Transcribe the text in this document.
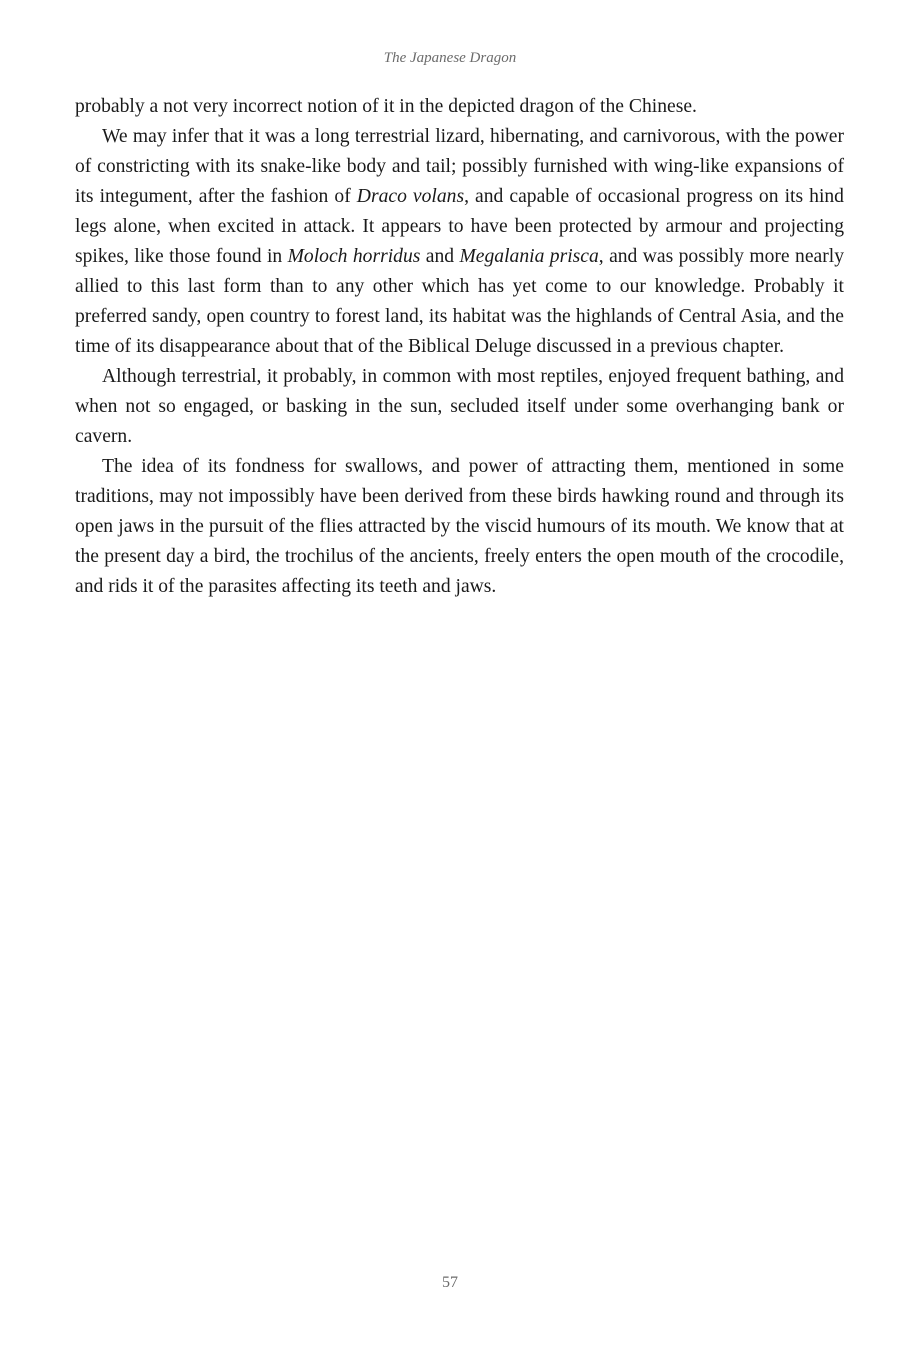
The Japanese Dragon

probably a not very incorrect notion of it in the depicted dragon of the Chinese.

We may infer that it was a long terrestrial lizard, hibernating, and carnivorous, with the power of constricting with its snake-like body and tail; possibly furnished with wing-like expansions of its integument, after the fashion of Draco volans, and capable of occasional progress on its hind legs alone, when excited in attack. It appears to have been protected by armour and projecting spikes, like those found in Moloch horridus and Megalania prisca, and was possibly more nearly allied to this last form than to any other which has yet come to our knowledge. Probably it preferred sandy, open country to forest land, its habitat was the highlands of Central Asia, and the time of its disappearance about that of the Biblical Deluge discussed in a previous chapter.

Although terrestrial, it probably, in common with most reptiles, enjoyed frequent bathing, and when not so engaged, or basking in the sun, secluded itself under some overhanging bank or cavern.

The idea of its fondness for swallows, and power of attracting them, mentioned in some traditions, may not impossibly have been derived from these birds hawking round and through its open jaws in the pursuit of the flies attracted by the viscid humours of its mouth. We know that at the present day a bird, the trochilus of the ancients, freely enters the open mouth of the crocodile, and rids it of the parasites affecting its teeth and jaws.

57
